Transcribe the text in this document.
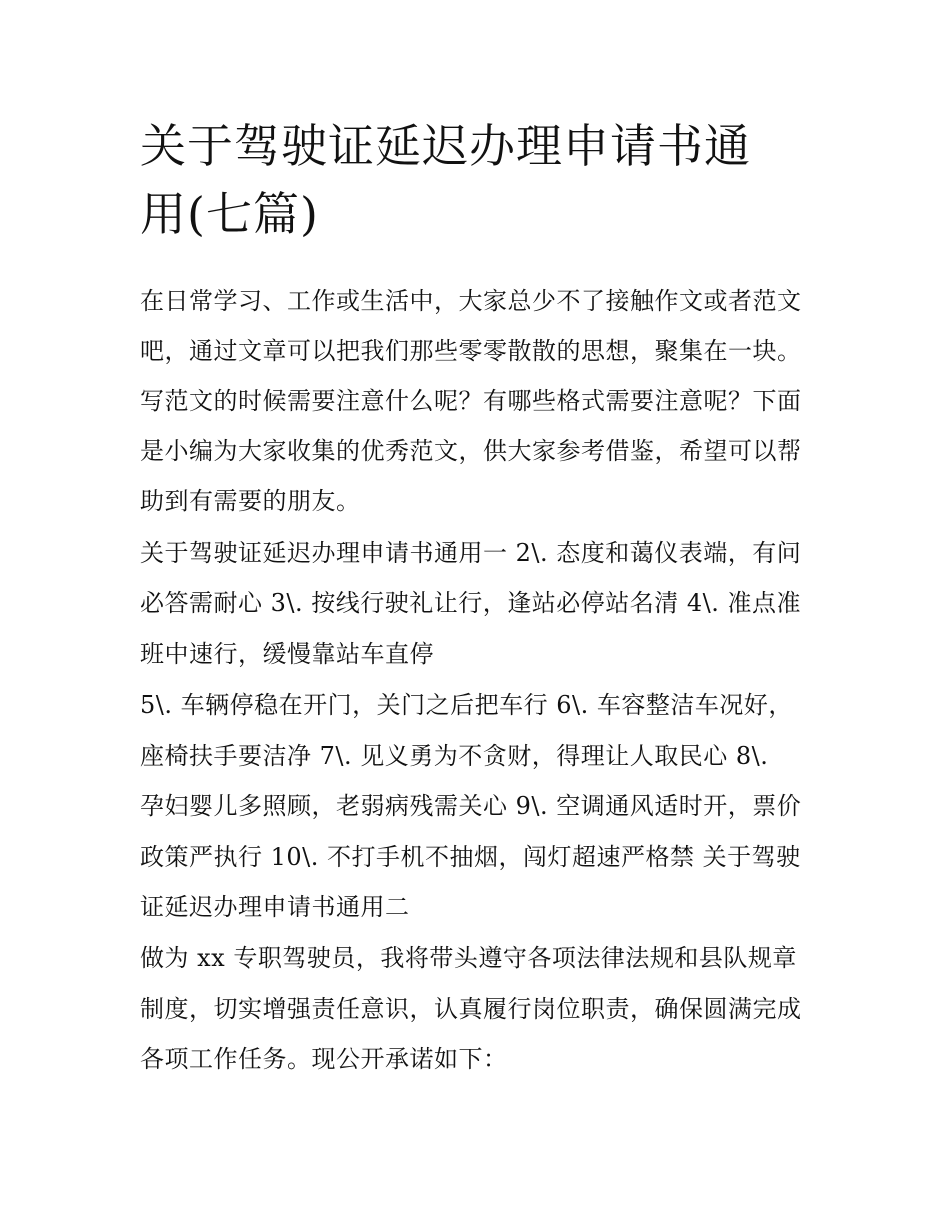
关于驾驶证延迟办理申请书通
用(七篇)

在日常学习、工作或生活中，大家总少不了接触作文或者范文

吧，通过文章可以把我们那些零零散散的思想，聚集在一块。

写范文的时候需要注意什么呢？有哪些格式需要注意呢？下面

是小编为大家收集的优秀范文，供大家参考借鉴，希望可以帮

助到有需要的朋友。

关于驾驶证延迟办理申请书通用一 2\. 态度和蔼仪表端，有问

必答需耐心 3\. 按线行驶礼让行，逢站必停站名清 4\. 准点准

班中速行，缓慢靠站车直停

5\. 车辆停稳在开门，关门之后把车行 6\. 车容整洁车况好，

座椅扶手要洁净 7\. 见义勇为不贪财，得理让人取民心 8\.

孕妇婴儿多照顾，老弱病残需关心 9\. 空调通风适时开，票价

政策严执行 10\. 不打手机不抽烟，闯灯超速严格禁 关于驾驶

证延迟办理申请书通用二

做为 xx 专职驾驶员，我将带头遵守各项法律法规和县队规章

制度，切实增强责任意识，认真履行岗位职责，确保圆满完成

各项工作任务。现公开承诺如下：
